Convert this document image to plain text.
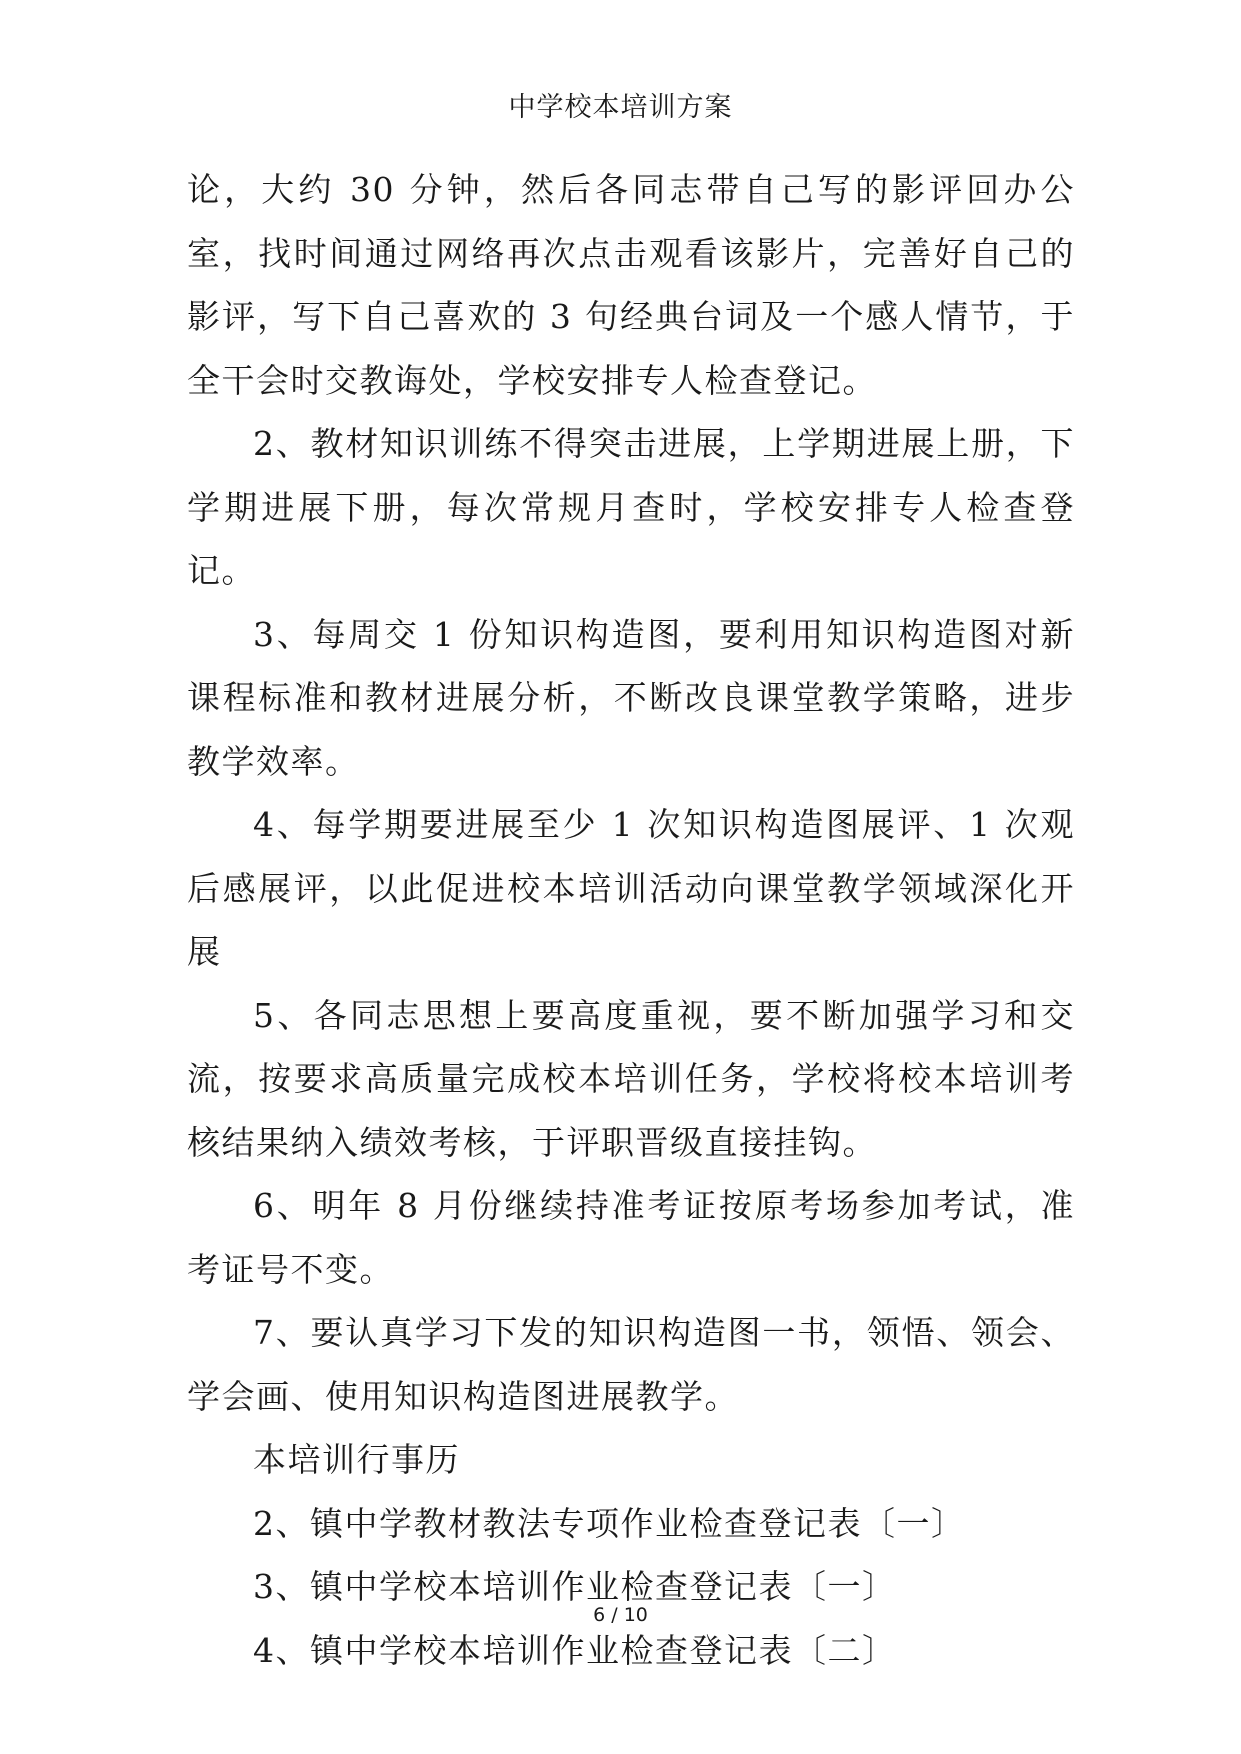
中学校本培训方案

论，大约 30 分钟，然后各同志带自己写的影评回办公室，找时间通过网络再次点击观看该影片，完善好自己的影评，写下自己喜欢的 3 句经典台词及一个感人情节，于全干会时交教诲处，学校安排专人检查登记。

2、教材知识训练不得突击进展，上学期进展上册，下学期进展下册，每次常规月查时，学校安排专人检查登记。

3、每周交 1 份知识构造图，要利用知识构造图对新课程标准和教材进展分析，不断改良课堂教学策略，进步教学效率。

4、每学期要进展至少 1 次知识构造图展评、1 次观后感展评，以此促进校本培训活动向课堂教学领域深化开展

5、各同志思想上要高度重视，要不断加强学习和交流，按要求高质量完成校本培训任务，学校将校本培训考核结果纳入绩效考核，于评职晋级直接挂钩。

6、明年 8 月份继续持准考证按原考场参加考试，准考证号不变。

7、要认真学习下发的知识构造图一书，领悟、领会、学会画、使用知识构造图进展教学。

本培训行事历

2、镇中学教材教法专项作业检查登记表〔一〕

3、镇中学校本培训作业检查登记表〔一〕

4、镇中学校本培训作业检查登记表〔二〕

6 / 10
